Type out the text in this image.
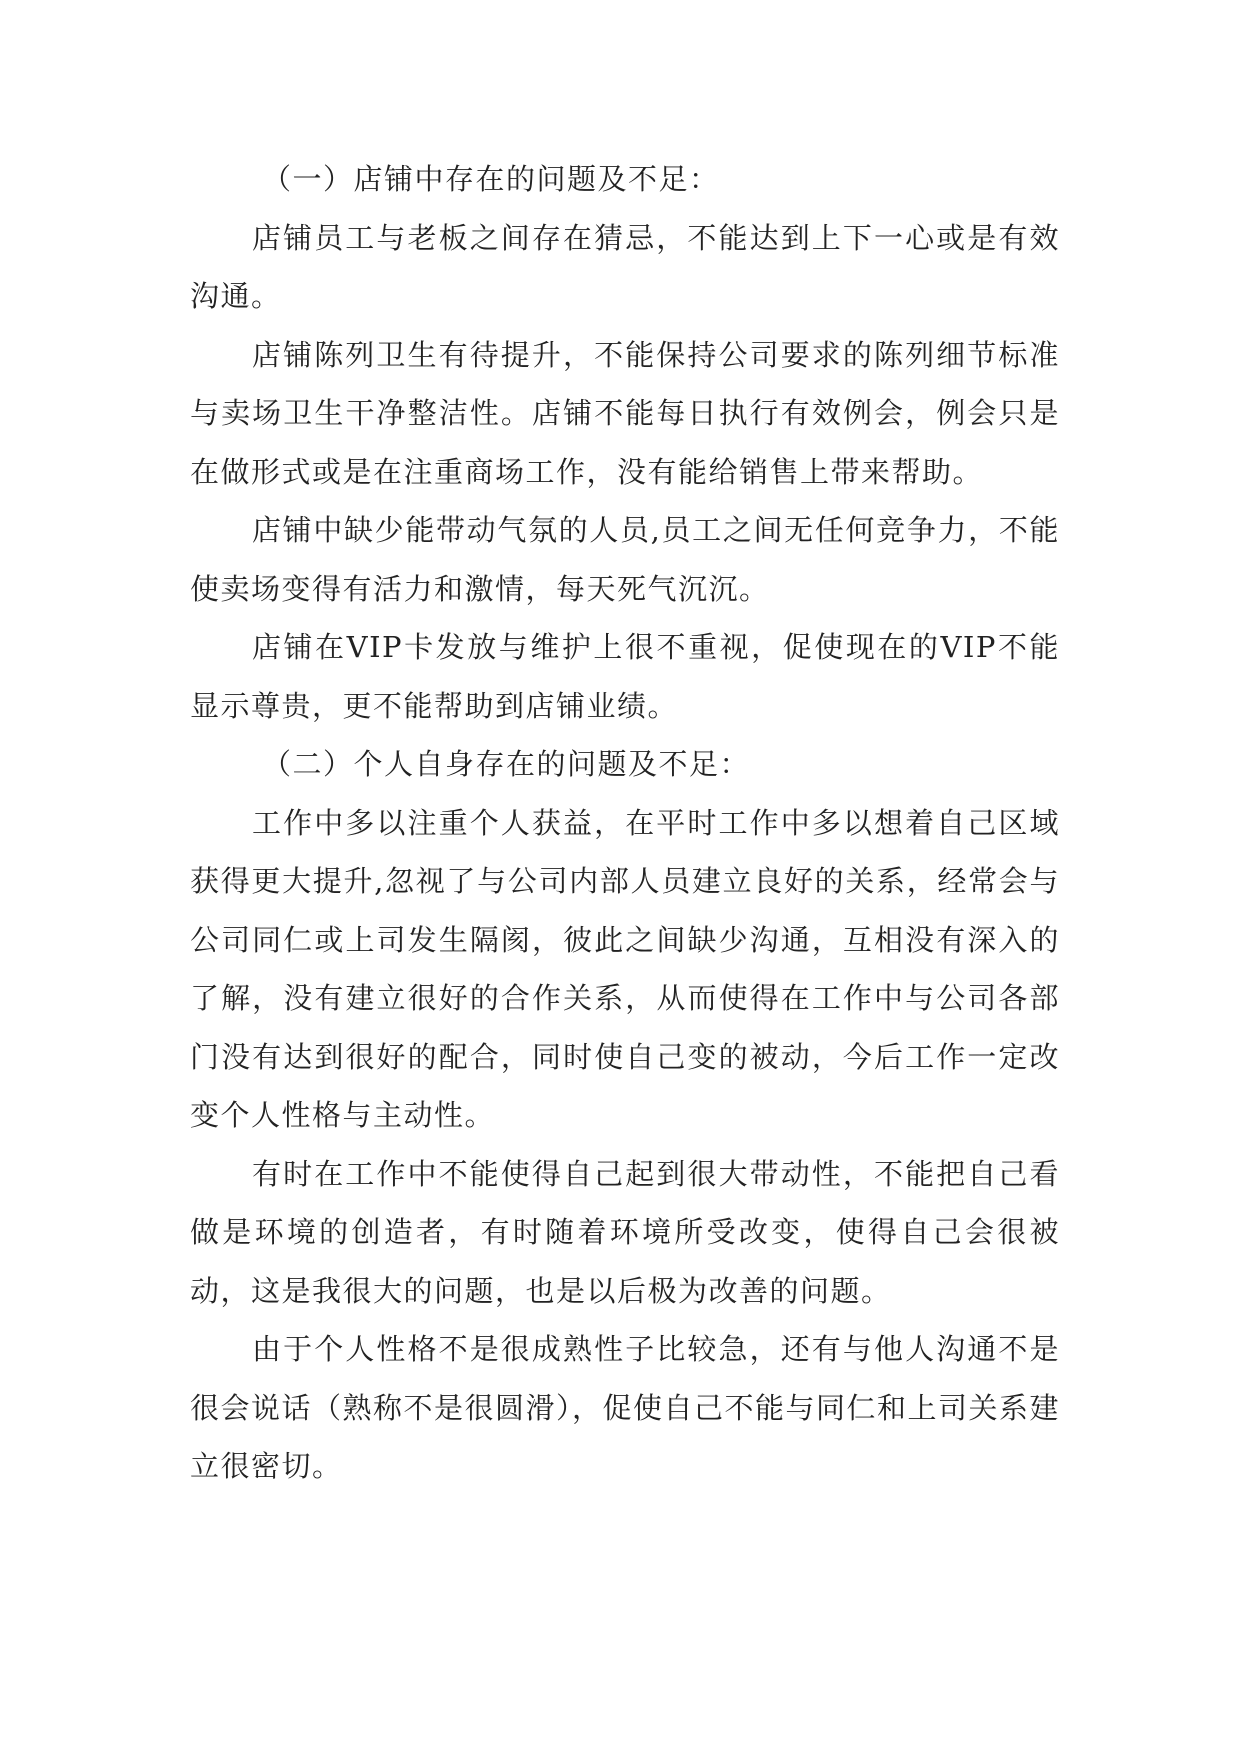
（一）店铺中存在的问题及不足：

店铺员工与老板之间存在猜忌，不能达到上下一心或是有效沟通。

店铺陈列卫生有待提升，不能保持公司要求的陈列细节标准与卖场卫生干净整洁性。店铺不能每日执行有效例会，例会只是在做形式或是在注重商场工作，没有能给销售上带来帮助。

店铺中缺少能带动气氛的人员,员工之间无任何竞争力，不能使卖场变得有活力和激情，每天死气沉沉。

店铺在VIP卡发放与维护上很不重视，促使现在的VIP不能显示尊贵，更不能帮助到店铺业绩。

（二）个人自身存在的问题及不足：

工作中多以注重个人获益，在平时工作中多以想着自己区域获得更大提升,忽视了与公司内部人员建立良好的关系，经常会与公司同仁或上司发生隔阂，彼此之间缺少沟通，互相没有深入的了解，没有建立很好的合作关系，从而使得在工作中与公司各部门没有达到很好的配合，同时使自己变的被动，今后工作一定改变个人性格与主动性。

有时在工作中不能使得自己起到很大带动性，不能把自己看做是环境的创造者，有时随着环境所受改变，使得自己会很被动，这是我很大的问题，也是以后极为改善的问题。

由于个人性格不是很成熟性子比较急，还有与他人沟通不是很会说话（熟称不是很圆滑），促使自己不能与同仁和上司关系建立很密切。
